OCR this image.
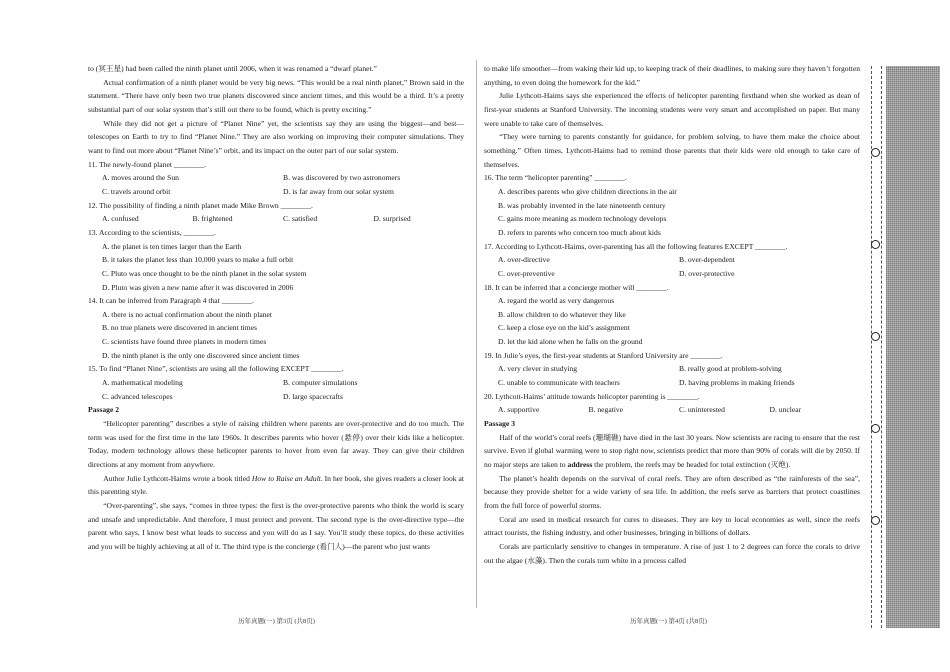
to (冥王星) had been called the ninth planet until 2006, when it was renamed a “dwarf planet.”

Actual confirmation of a ninth planet would be very big news. “This would be a real ninth planet,” Brown said in the statement. “There have only been two true planets discovered since ancient times, and this would be a third. It’s a pretty substantial part of our solar system that’s still out there to be found, which is pretty exciting.”

While they did not get a picture of “Planet Nine” yet, the scientists say they are using the biggest—and best—telescopes on Earth to try to find “Planet Nine.” They are also working on improving their computer simulations. They want to find out more about “Planet Nine’s” orbit, and its impact on the outer part of our solar system.

11. The newly-found planet ________.

A. moves around the Sun	B. was discovered by two astronomers
C. travels around orbit	D. is far away from our solar system

12. The possibility of finding a ninth planet made Mike Brown ________.

A. confused	B. frightened	C. satisfied	D. surprised

13. According to the scientists, ________.

A. the planet is ten times larger than the Earth
B. it takes the planet less than 10,000 years to make a full orbit
C. Pluto was once thought to be the ninth planet in the solar system
D. Pluto was given a new name after it was discovered in 2006

14. It can be inferred from Paragraph 4 that ________.

A. there is no actual confirmation about the ninth planet
B. no true planets were discovered in ancient times
C. scientists have found three planets in modern times
D. the ninth planet is the only one discovered since ancient times

15. To find “Planet Nine”, scientists are using all the following EXCEPT ________.

A. mathematical modeling	B. computer simulations
C. advanced telescopes	D. large spacecrafts

Passage 2

“Helicopter parenting” describes a style of raising children where parents are over-protective and do too much. The term was used for the first time in the late 1960s. It describes parents who hover (悬停) over their kids like a helicopter. Today, modern technology allows these helicopter parents to hover from even far away. They can give their children directions at any moment from anywhere.

Author Julie Lythcott-Haims wrote a book titled How to Raise an Adult. In her book, she gives readers a closer look at this parenting style.

“Over-parenting”, she says, “comes in three types: the first is the over-protective parents who think the world is scary and unsafe and unpredictable. And therefore, I must protect and prevent. The second type is the over-directive type—the parent who says, I know best what leads to success and you will do as I say. You’ll study these topics, do these activities and you will be highly achieving at all of it. The third type is the concierge (看门人)—the parent who just wants

历年真题(一) 第3页 (共8页)

to make life smoother—from waking their kid up, to keeping track of their deadlines, to making sure they haven’t forgotten anything, to even doing the homework for the kid.”

Julie Lythcott-Haims says she experienced the effects of helicopter parenting firsthand when she worked as dean of first-year students at Stanford University. The incoming students were very smart and accomplished on paper. But many were unable to take care of themselves.

“They were turning to parents constantly for guidance, for problem solving, to have them make the choice about something.” Often times, Lythcott-Haims had to remind those parents that their kids were old enough to take care of themselves.

16. The term “helicopter parenting” ________.

A. describes parents who give children directions in the air
B. was probably invented in the late nineteenth century
C. gains more meaning as modern technology develops
D. refers to parents who concern too much about kids

17. According to Lythcott-Haims, over-parenting has all the following features EXCEPT ________.

A. over-directive	B. over-dependent
C. over-preventive	D. over-protective

18. It can be inferred that a concierge mother will ________.

A. regard the world as very dangerous
B. allow children to do whatever they like
C. keep a close eye on the kid’s assignment
D. let the kid alone when he falls on the ground

19. In Julie’s eyes, the first-year students at Stanford University are ________.

A. very clever in studying	B. really good at problem-solving
C. unable to communicate with teachers	D. having problems in making friends

20. Lythcott-Haims’ attitude towards helicopter parenting is ________.

A. supportive	B. negative	C. uninterested	D. unclear

Passage 3

Half of the world’s coral reefs (珊瑚礁) have died in the last 30 years. Now scientists are racing to ensure that the rest survive. Even if global warming were to stop right now, scientists predict that more than 90% of corals will die by 2050. If no major steps are taken to address the problem, the reefs may be headed for total extinction (灭绝).

The planet’s health depends on the survival of coral reefs. They are often described as “the rainforests of the sea”, because they provide shelter for a wide variety of sea life. In addition, the reefs serve as barriers that protect coastlines from the full force of powerful storms.

Coral are used in medical research for cures to diseases. They are key to local economies as well, since the reefs attract tourists, the fishing industry, and other businesses, bringing in billions of dollars.

Corals are particularly sensitive to changes in temperature. A rise of just 1 to 2 degrees can force the corals to drive out the algae (水藻). Then the corals turn white in a process called

历年真题(一) 第4页 (共8页)
